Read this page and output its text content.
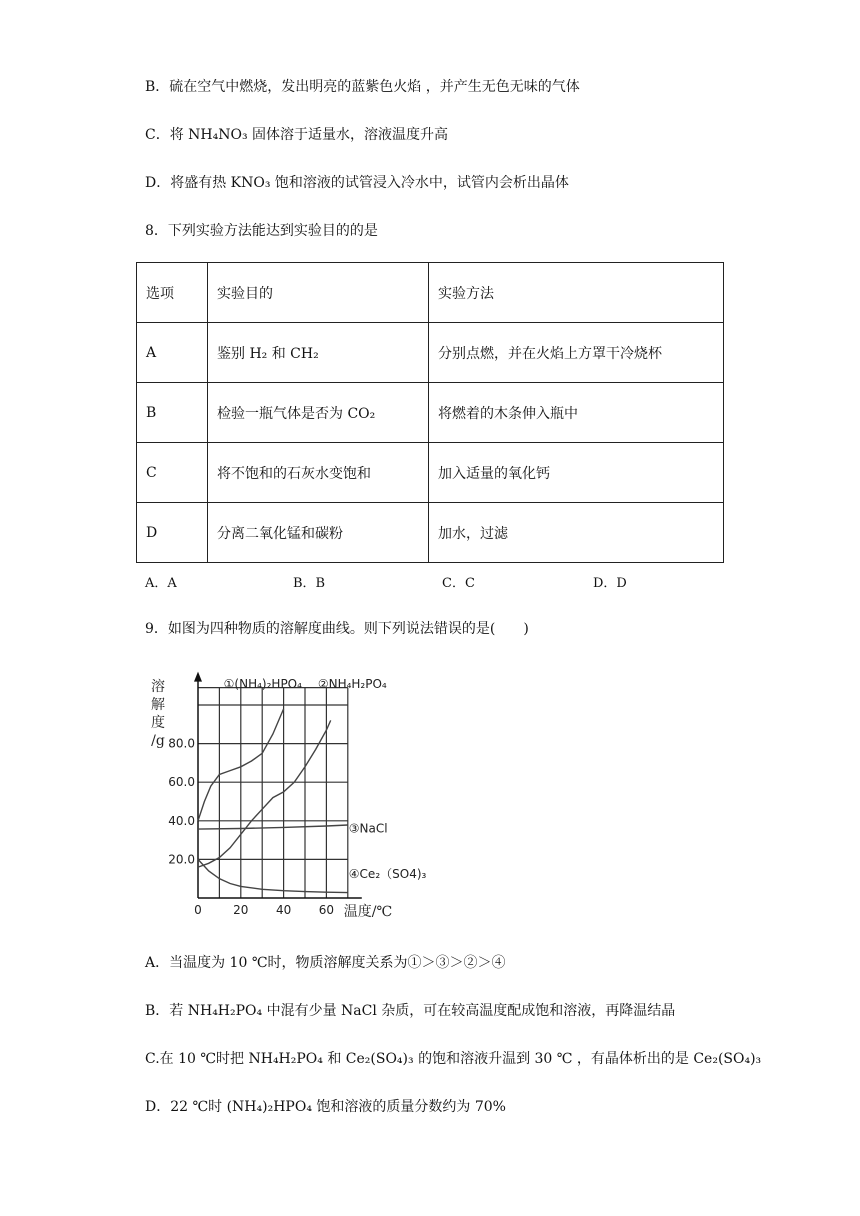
B．硫在空气中燃烧，发出明亮的蓝紫色火焰 ，并产生无色无味的气体
C．将 NH₄NO₃ 固体溶于适量水，溶液温度升高
D．将盛有热 KNO₃ 饱和溶液的试管浸入冷水中，试管内会析出晶体
8．下列实验方法能达到实验目的的是
选项	实验目的	实验方法
A	鉴别 H₂ 和 CH₂	分别点燃，并在火焰上方罩干冷烧杯
B	检验一瓶气体是否为 CO₂	将燃着的木条伸入瓶中
C	将不饱和的石灰水变饱和	加入适量的氧化钙
D	分离二氧化锰和碳粉	加水，过滤
A．A	B．B	C．C	D．D
9．如图为四种物质的溶解度曲线。则下列说法错误的是(　　)
0	20 40 60
20.0
40.0
60.0
80.0
溶
解
度
/g
温度/℃
①(NH₄)₂HPO₄ ②NH₄H₂PO₄
③NaCl
④Ce₂（SO4)₃
A．当温度为 10 ℃时，物质溶解度关系为①＞③＞②＞④
B．若 NH₄H₂PO₄ 中混有少量 NaCl 杂质，可在较高温度配成饱和溶液，再降温结晶
C.在 10 ℃时把 NH₄H₂PO₄ 和 Ce₂(SO₄)₃ 的饱和溶液升温到 30 ℃ ，有晶体析出的是 Ce₂(SO₄)₃
D．22 ℃时 (NH₄)₂HPO₄ 饱和溶液的质量分数约为 70%
